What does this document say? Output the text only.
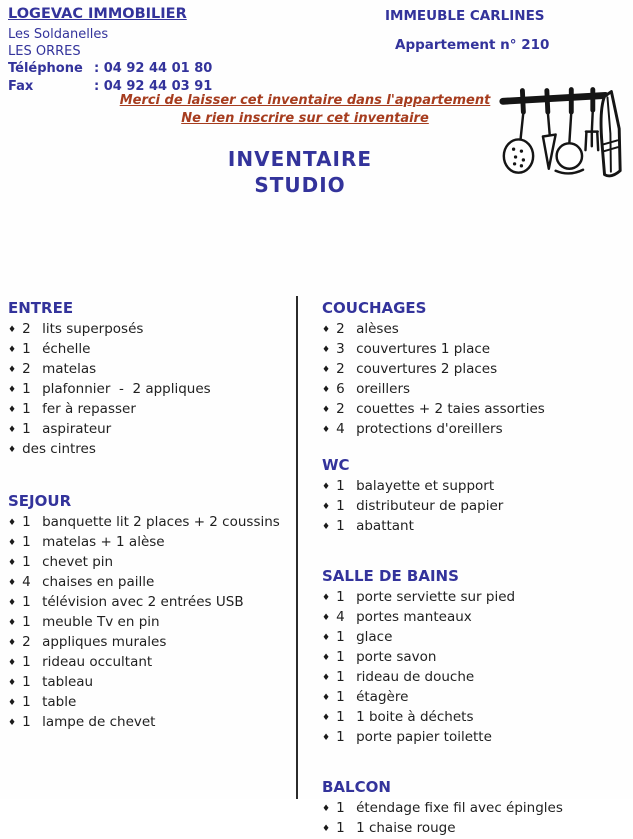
LOGEVAC IMMOBILIER
Les Soldanelles
LES ORRES
Téléphone : 04 92 44 01 80
Fax	: 04 92 44 03 91
IMMEUBLE CARLINES
Appartement n° 210
Merci de laisser cet inventaire dans l'appartement
Ne rien inscrire sur cet inventaire
INVENTAIRE
STUDIO
ENTREE
♦ 2 lits superposés
♦ 1 échelle
♦ 2 matelas
♦ 1 plafonnier  -  2 appliques
♦ 1 fer à repasser
♦ 1 aspirateur
♦ des cintres
SEJOUR
♦ 1 banquette lit 2 places + 2 coussins
♦ 1 matelas + 1 alèse
♦ 1 chevet pin
♦ 4 chaises en paille
♦ 1 télévision avec 2 entrées USB
♦ 1 meuble Tv en pin
♦ 2 appliques murales
♦ 1 rideau occultant
♦ 1 tableau
♦ 1 table
♦ 1 lampe de chevet
COUCHAGES
♦ 2 alèses
♦ 3 couvertures 1 place
♦ 2 couvertures 2 places
♦ 6 oreillers
♦ 2 couettes + 2 taies assorties
♦ 4 protections d'oreillers
WC
♦ 1 balayette et support
♦ 1 distributeur de papier
♦ 1 abattant
SALLE DE BAINS
♦ 1 porte serviette sur pied
♦ 4 portes manteaux
♦ 1 glace
♦ 1 porte savon
♦ 1 rideau de douche
♦ 1 étagère
♦ 1 1 boite à déchets
♦ 1 porte papier toilette
BALCON
♦ 1 étendage fixe fil avec épingles
♦ 1 1 chaise rouge
